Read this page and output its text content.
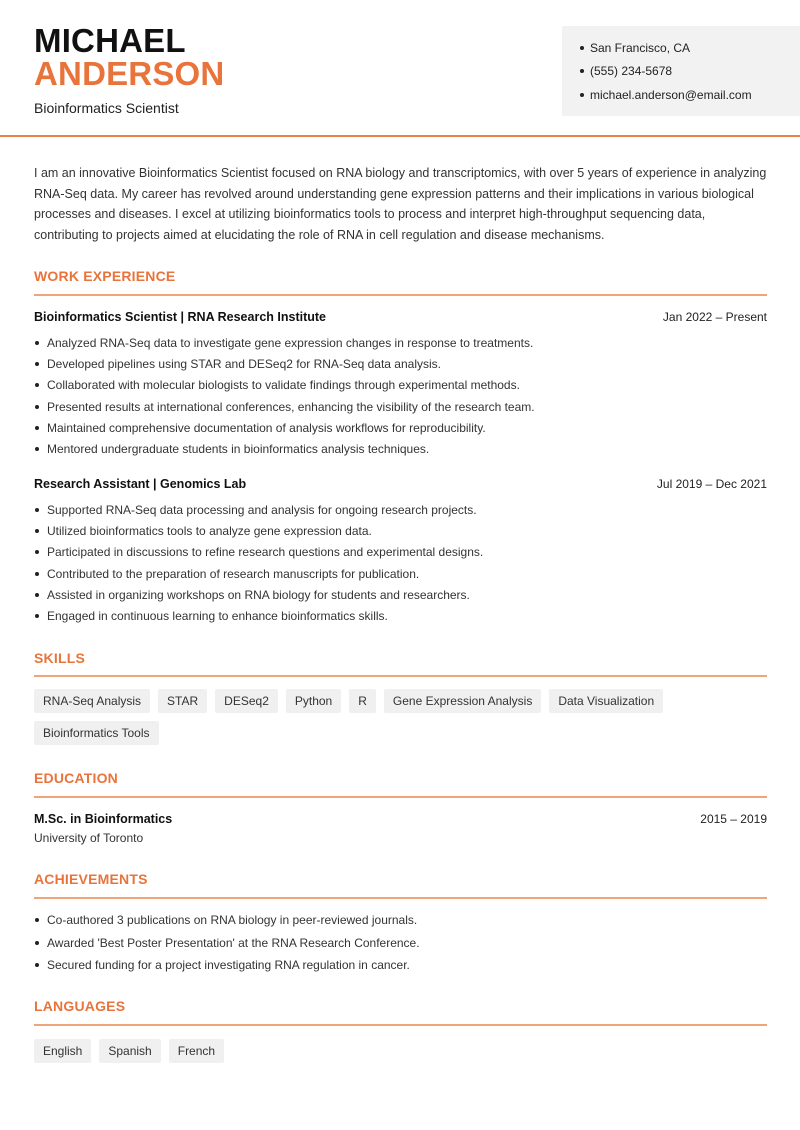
MICHAEL
ANDERSON
Bioinformatics Scientist
San Francisco, CA
(555) 234-5678
michael.anderson@email.com

I am an innovative Bioinformatics Scientist focused on RNA biology and transcriptomics, with over 5 years of experience in analyzing RNA-Seq data. My career has revolved around understanding gene expression patterns and their implications in various biological processes and diseases. I excel at utilizing bioinformatics tools to process and interpret high-throughput sequencing data, contributing to projects aimed at elucidating the role of RNA in cell regulation and disease mechanisms.

WORK EXPERIENCE
Bioinformatics Scientist | RNA Research Institute	Jan 2022 – Present
Analyzed RNA-Seq data to investigate gene expression changes in response to treatments.
Developed pipelines using STAR and DESeq2 for RNA-Seq data analysis.
Collaborated with molecular biologists to validate findings through experimental methods.
Presented results at international conferences, enhancing the visibility of the research team.
Maintained comprehensive documentation of analysis workflows for reproducibility.
Mentored undergraduate students in bioinformatics analysis techniques.
Research Assistant | Genomics Lab	Jul 2019 – Dec 2021
Supported RNA-Seq data processing and analysis for ongoing research projects.
Utilized bioinformatics tools to analyze gene expression data.
Participated in discussions to refine research questions and experimental designs.
Contributed to the preparation of research manuscripts for publication.
Assisted in organizing workshops on RNA biology for students and researchers.
Engaged in continuous learning to enhance bioinformatics skills.
SKILLS
RNA-Seq Analysis	STAR	DESeq2	Python	R	Gene Expression Analysis	Data Visualization
Bioinformatics Tools
EDUCATION
M.Sc. in Bioinformatics	2015 – 2019
University of Toronto
ACHIEVEMENTS
Co-authored 3 publications on RNA biology in peer-reviewed journals.
Awarded 'Best Poster Presentation' at the RNA Research Conference.
Secured funding for a project investigating RNA regulation in cancer.
LANGUAGES
English	Spanish	French
